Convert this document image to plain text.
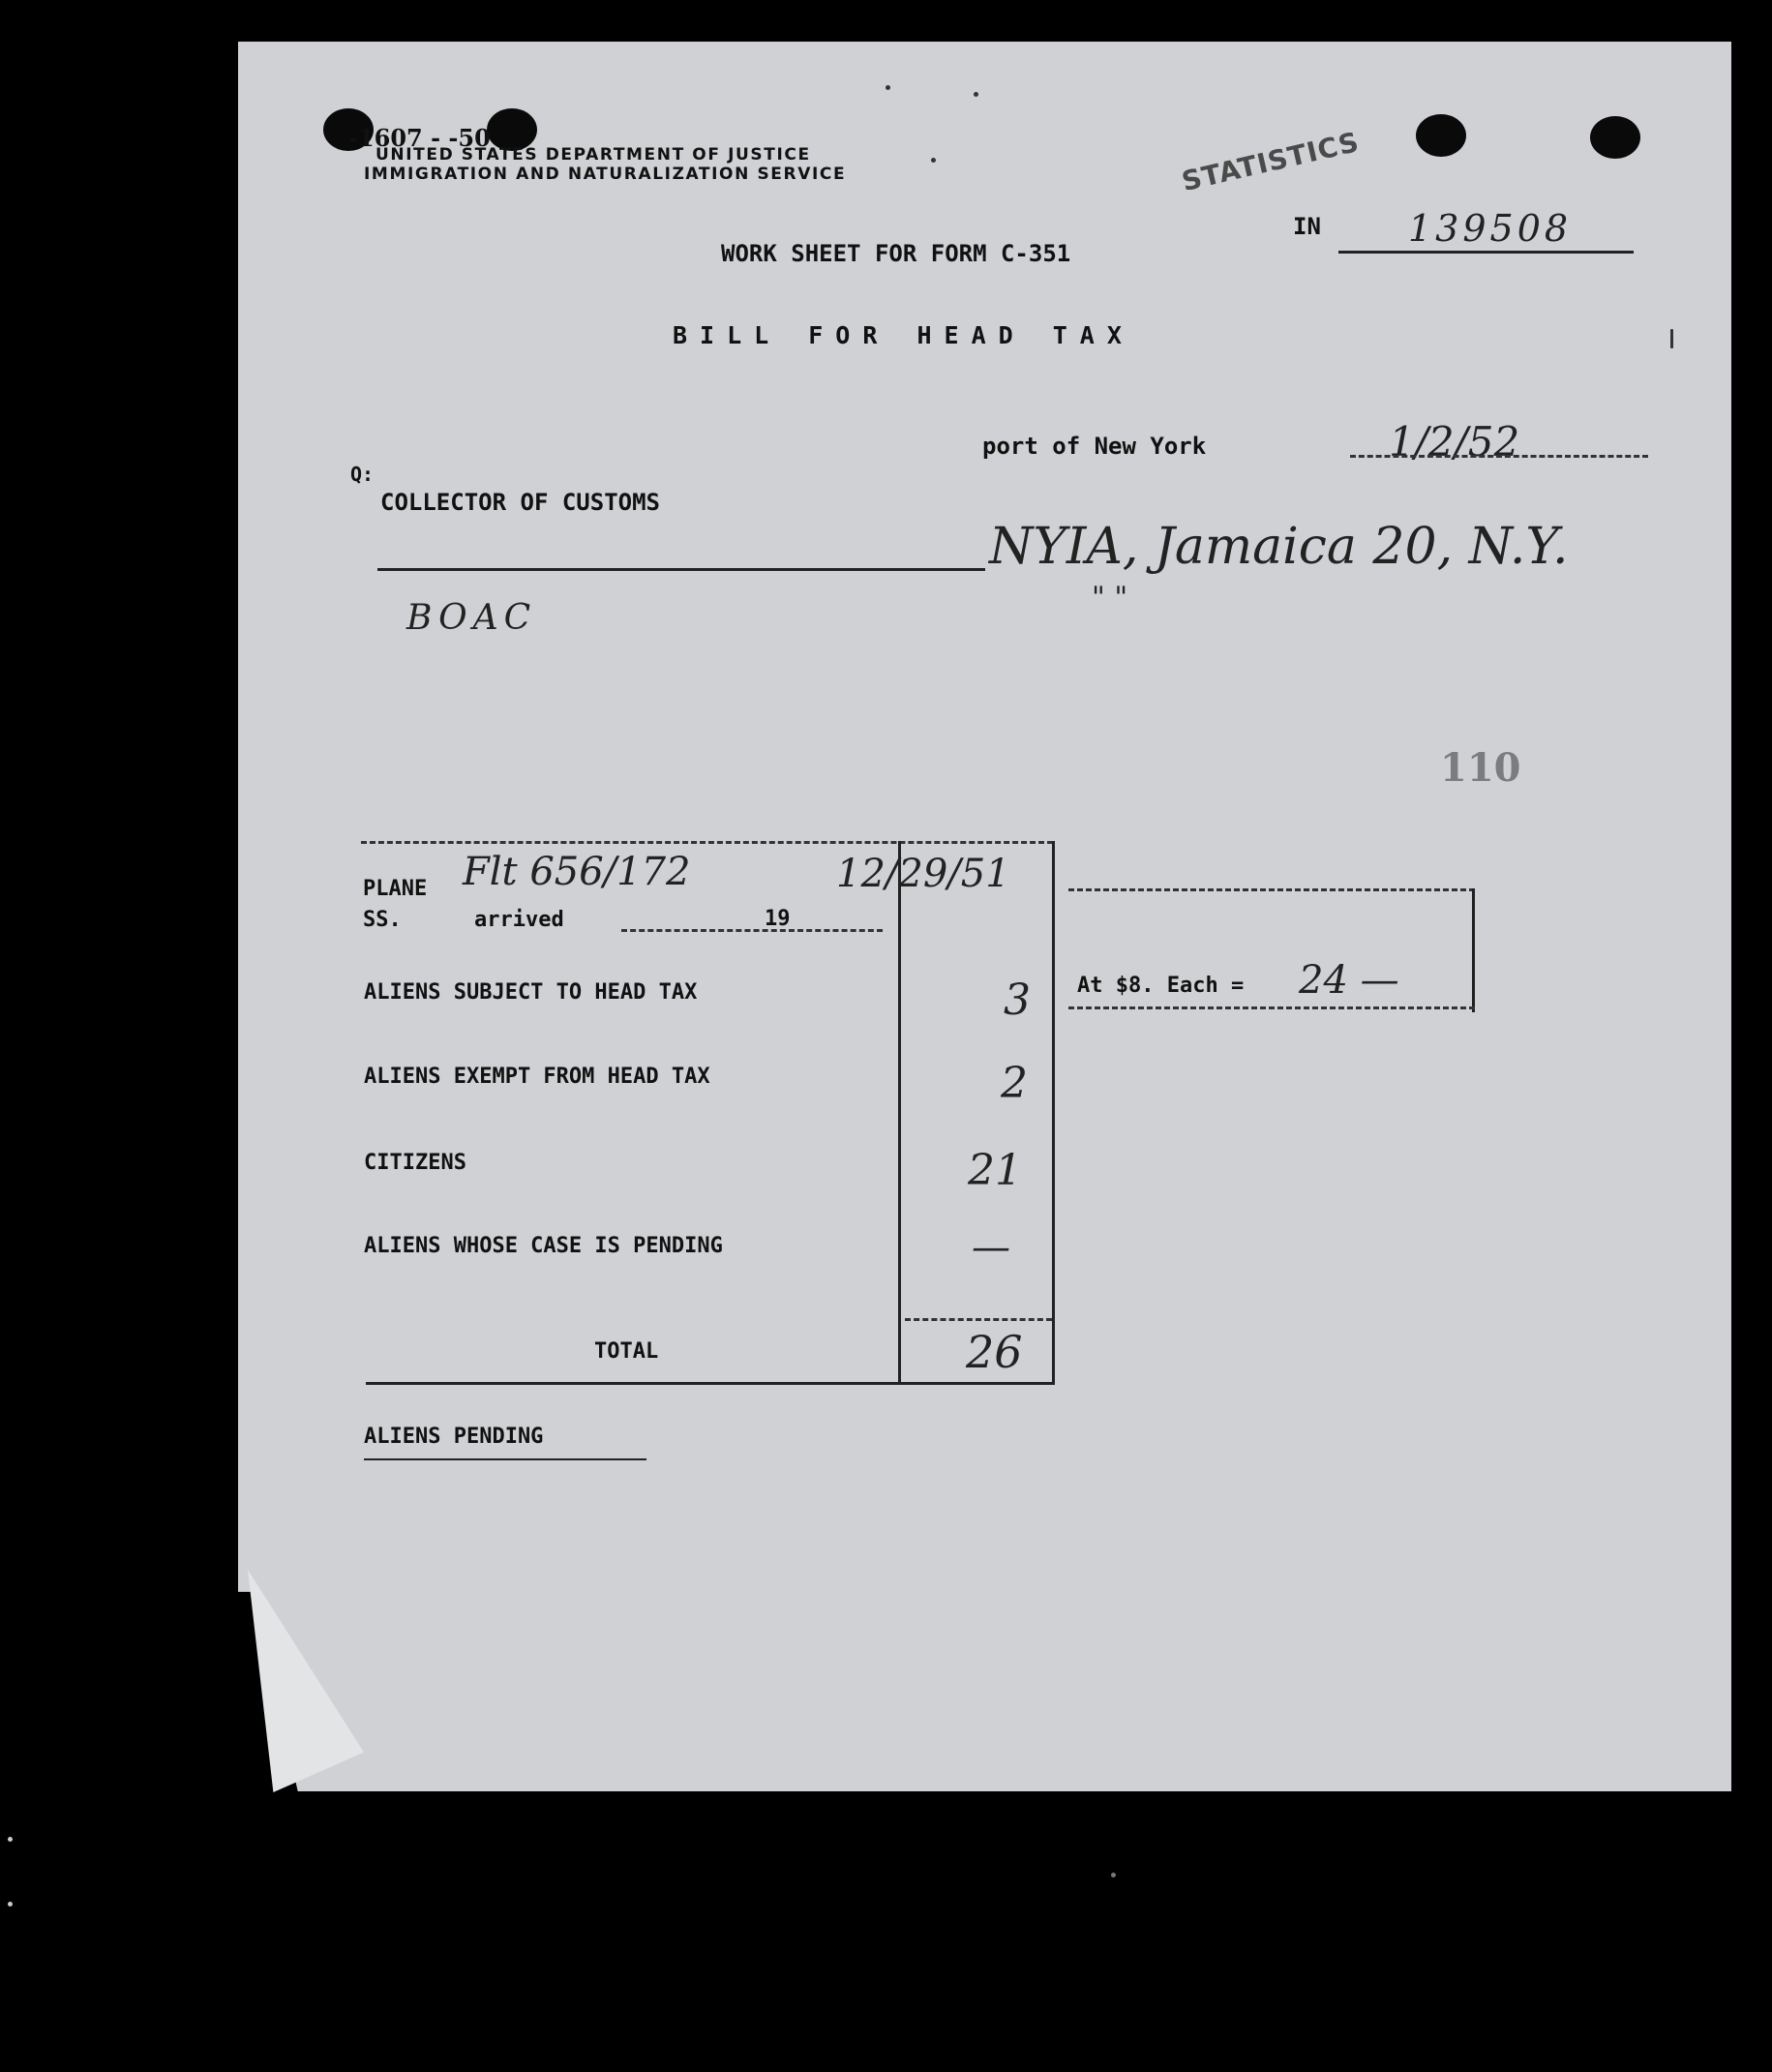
-1607 - -50
UNITED STATES DEPARTMENT OF JUSTICE
IMMIGRATION AND NATURALIZATION SERVICE	STATISTICS
IN 139508
WORK SHEET FOR FORM C-351
BILL FOR HEAD TAX
port of New York	1/2/52
Q:
COLLECTOR OF CUSTOMS
NYIA, Jamaica 20, N.Y.
" "
BOAC
110
PLANE Flt 656/172
SS.	arrived	19
12/29/51
ALIENS SUBJECT TO HEAD TAX	3
ALIENS EXEMPT FROM HEAD TAX	2
CITIZENS	21
ALIENS WHOSE CASE IS PENDING	—
TOTAL	26
At $8. Each = 24 —
ALIENS PENDING
